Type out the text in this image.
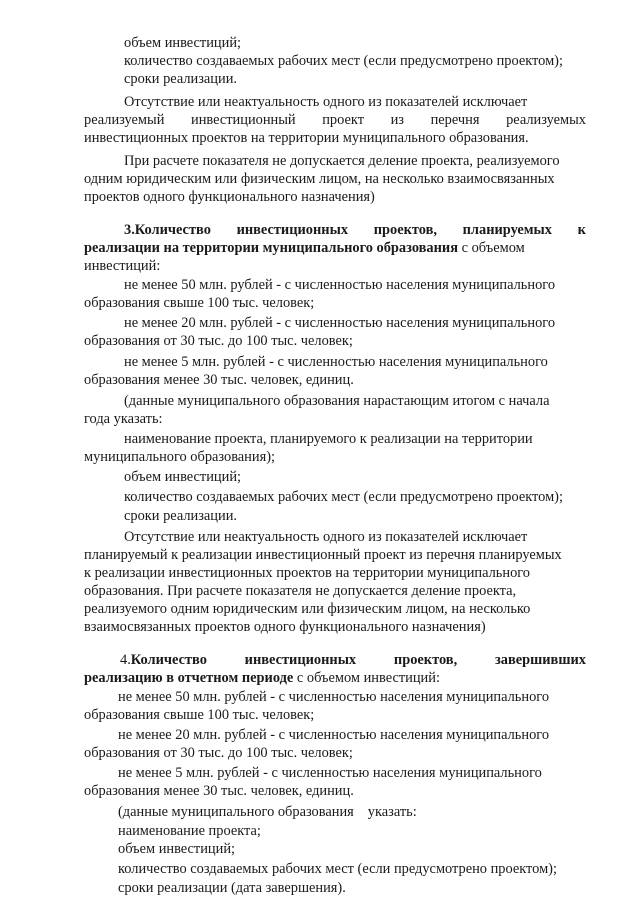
объем инвестиций;
количество создаваемых рабочих мест (если предусмотрено проектом);
сроки реализации.
Отсутствие или неактуальность одного из показателей исключает
реализуемый инвестиционный проект из перечня реализуемых
инвестиционных проектов на территории муниципального образования.
При расчете показателя не допускается деление проекта, реализуемого
одним юридическим или физическим лицом, на несколько взаимосвязанных
проектов одного функционального назначения)
3.Количество инвестиционных проектов, планируемых к
реализации на территории муниципального образования с объемом
инвестиций:
не менее 50 млн. рублей - с численностью населения муниципального
образования свыше 100 тыс. человек;
не менее 20 млн. рублей - с численностью населения муниципального
образования от 30 тыс. до 100 тыс. человек;
не менее 5 млн. рублей - с численностью населения муниципального
образования менее 30 тыс. человек, единиц.
(данные муниципального образования нарастающим итогом с начала
года указать:
наименование проекта, планируемого к реализации на территории
муниципального образования);
объем инвестиций;
количество создаваемых рабочих мест (если предусмотрено проектом);
сроки реализации.
Отсутствие или неактуальность одного из показателей исключает
планируемый к реализации инвестиционный проект из перечня планируемых
к реализации инвестиционных проектов на территории муниципального
образования. При расчете показателя не допускается деление проекта,
реализуемого одним юридическим или физическим лицом, на несколько
взаимосвязанных проектов одного функционального назначения)
4.Количество	инвестиционных	проектов,	завершивших
реализацию в отчетном периоде с объемом инвестиций:
не менее 50 млн. рублей - с численностью населения муниципального
образования свыше 100 тыс. человек;
не менее 20 млн. рублей - с численностью населения муниципального
образования от 30 тыс. до 100 тыс. человек;
не менее 5 млн. рублей - с численностью населения муниципального
образования менее 30 тыс. человек, единиц.
(данные муниципального образования указать:
наименование проекта;
объем инвестиций;
количество создаваемых рабочих мест (если предусмотрено проектом);
сроки реализации (дата завершения).
